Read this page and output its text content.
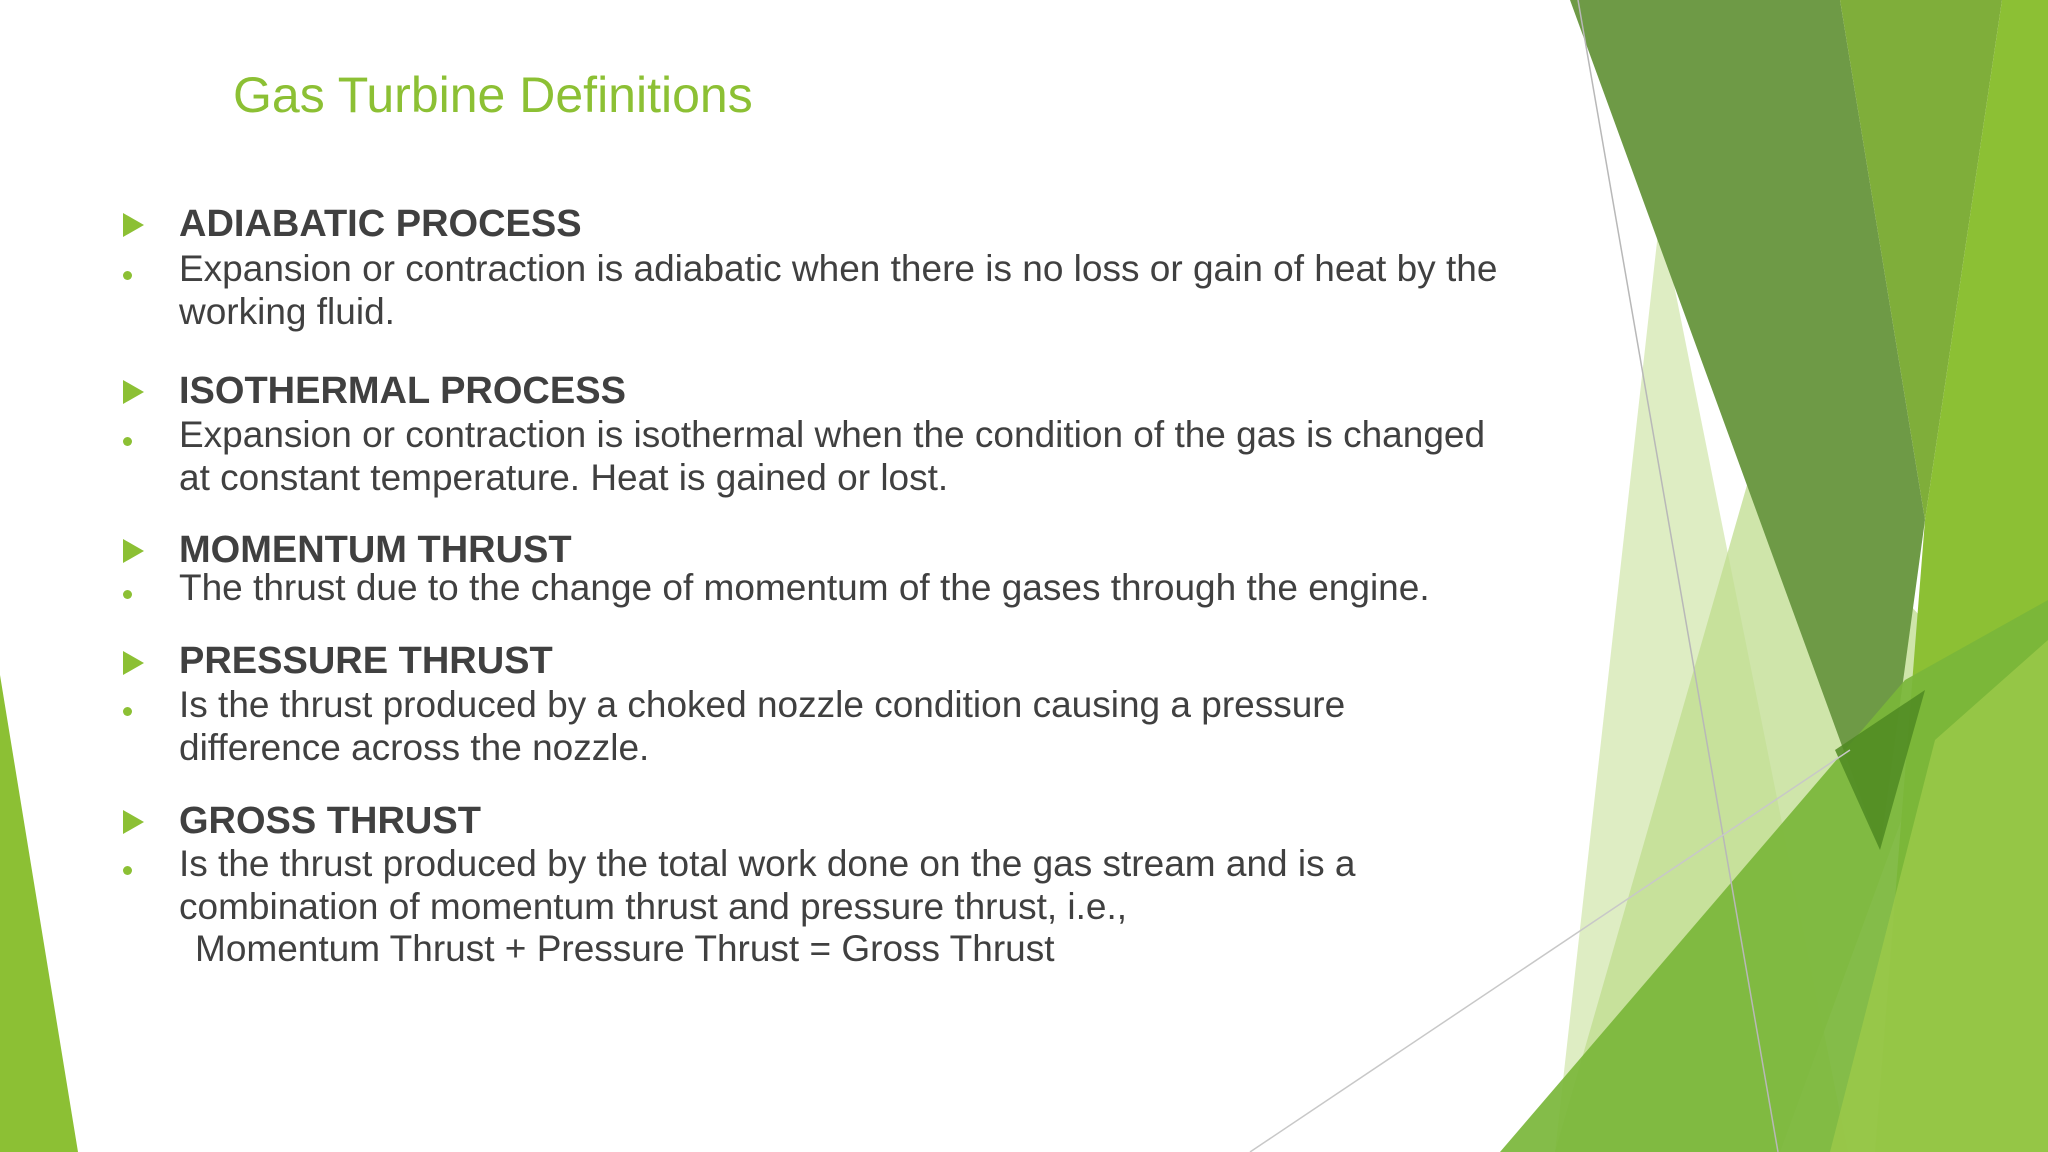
Gas Turbine Definitions
ADIABATIC PROCESS
Expansion or contraction is adiabatic when there is no loss or gain of heat by the working fluid.
ISOTHERMAL PROCESS
Expansion or contraction is isothermal when the condition of the gas is changed at constant temperature. Heat is gained or lost.
MOMENTUM THRUST
The thrust due to the change of momentum of the gases through the engine.
PRESSURE THRUST
Is the thrust produced by a choked nozzle condition causing a pressure difference across the nozzle.
GROSS THRUST
Is the thrust produced by the total work done on the gas stream and is a combination of momentum thrust and pressure thrust, i.e.,
Momentum Thrust + Pressure Thrust = Gross Thrust
